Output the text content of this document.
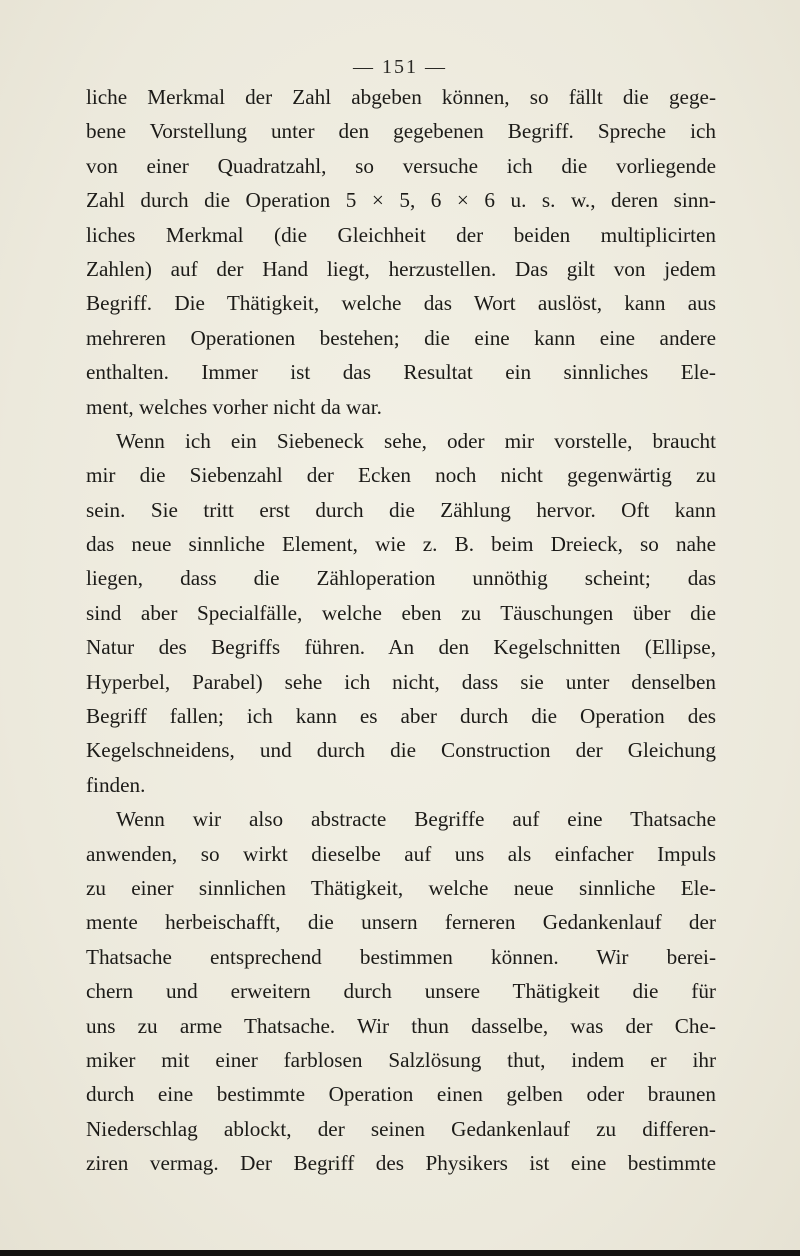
— 151 —
liche Merkmal der Zahl abgeben können, so fällt die gege-
bene Vorstellung unter den gegebenen Begriff. Spreche ich
von einer Quadratzahl, so versuche ich die vorliegende
Zahl durch die Operation 5 × 5, 6 × 6 u. s. w., deren sinn-
liches Merkmal (die Gleichheit der beiden multiplicirten
Zahlen) auf der Hand liegt, herzustellen. Das gilt von jedem
Begriff. Die Thätigkeit, welche das Wort auslöst, kann aus
mehreren Operationen bestehen; die eine kann eine andere
enthalten. Immer ist das Resultat ein sinnliches Ele-
ment, welches vorher nicht da war.
Wenn ich ein Siebeneck sehe, oder mir vorstelle, braucht
mir die Siebenzahl der Ecken noch nicht gegenwärtig zu
sein. Sie tritt erst durch die Zählung hervor. Oft kann
das neue sinnliche Element, wie z. B. beim Dreieck, so nahe
liegen, dass die Zähloperation unnöthig scheint; das
sind aber Specialfälle, welche eben zu Täuschungen über die
Natur des Begriffs führen. An den Kegelschnitten (Ellipse,
Hyperbel, Parabel) sehe ich nicht, dass sie unter denselben
Begriff fallen; ich kann es aber durch die Operation des
Kegelschneidens, und durch die Construction der Gleichung
finden.
Wenn wir also abstracte Begriffe auf eine Thatsache
anwenden, so wirkt dieselbe auf uns als einfacher Impuls
zu einer sinnlichen Thätigkeit, welche neue sinnliche Ele-
mente herbeischafft, die unsern ferneren Gedankenlauf der
Thatsache entsprechend bestimmen können. Wir berei-
chern und erweitern durch unsere Thätigkeit die für
uns zu arme Thatsache. Wir thun dasselbe, was der Che-
miker mit einer farblosen Salzlösung thut, indem er ihr
durch eine bestimmte Operation einen gelben oder braunen
Niederschlag ablockt, der seinen Gedankenlauf zu differen-
ziren vermag. Der Begriff des Physikers ist eine bestimmte
